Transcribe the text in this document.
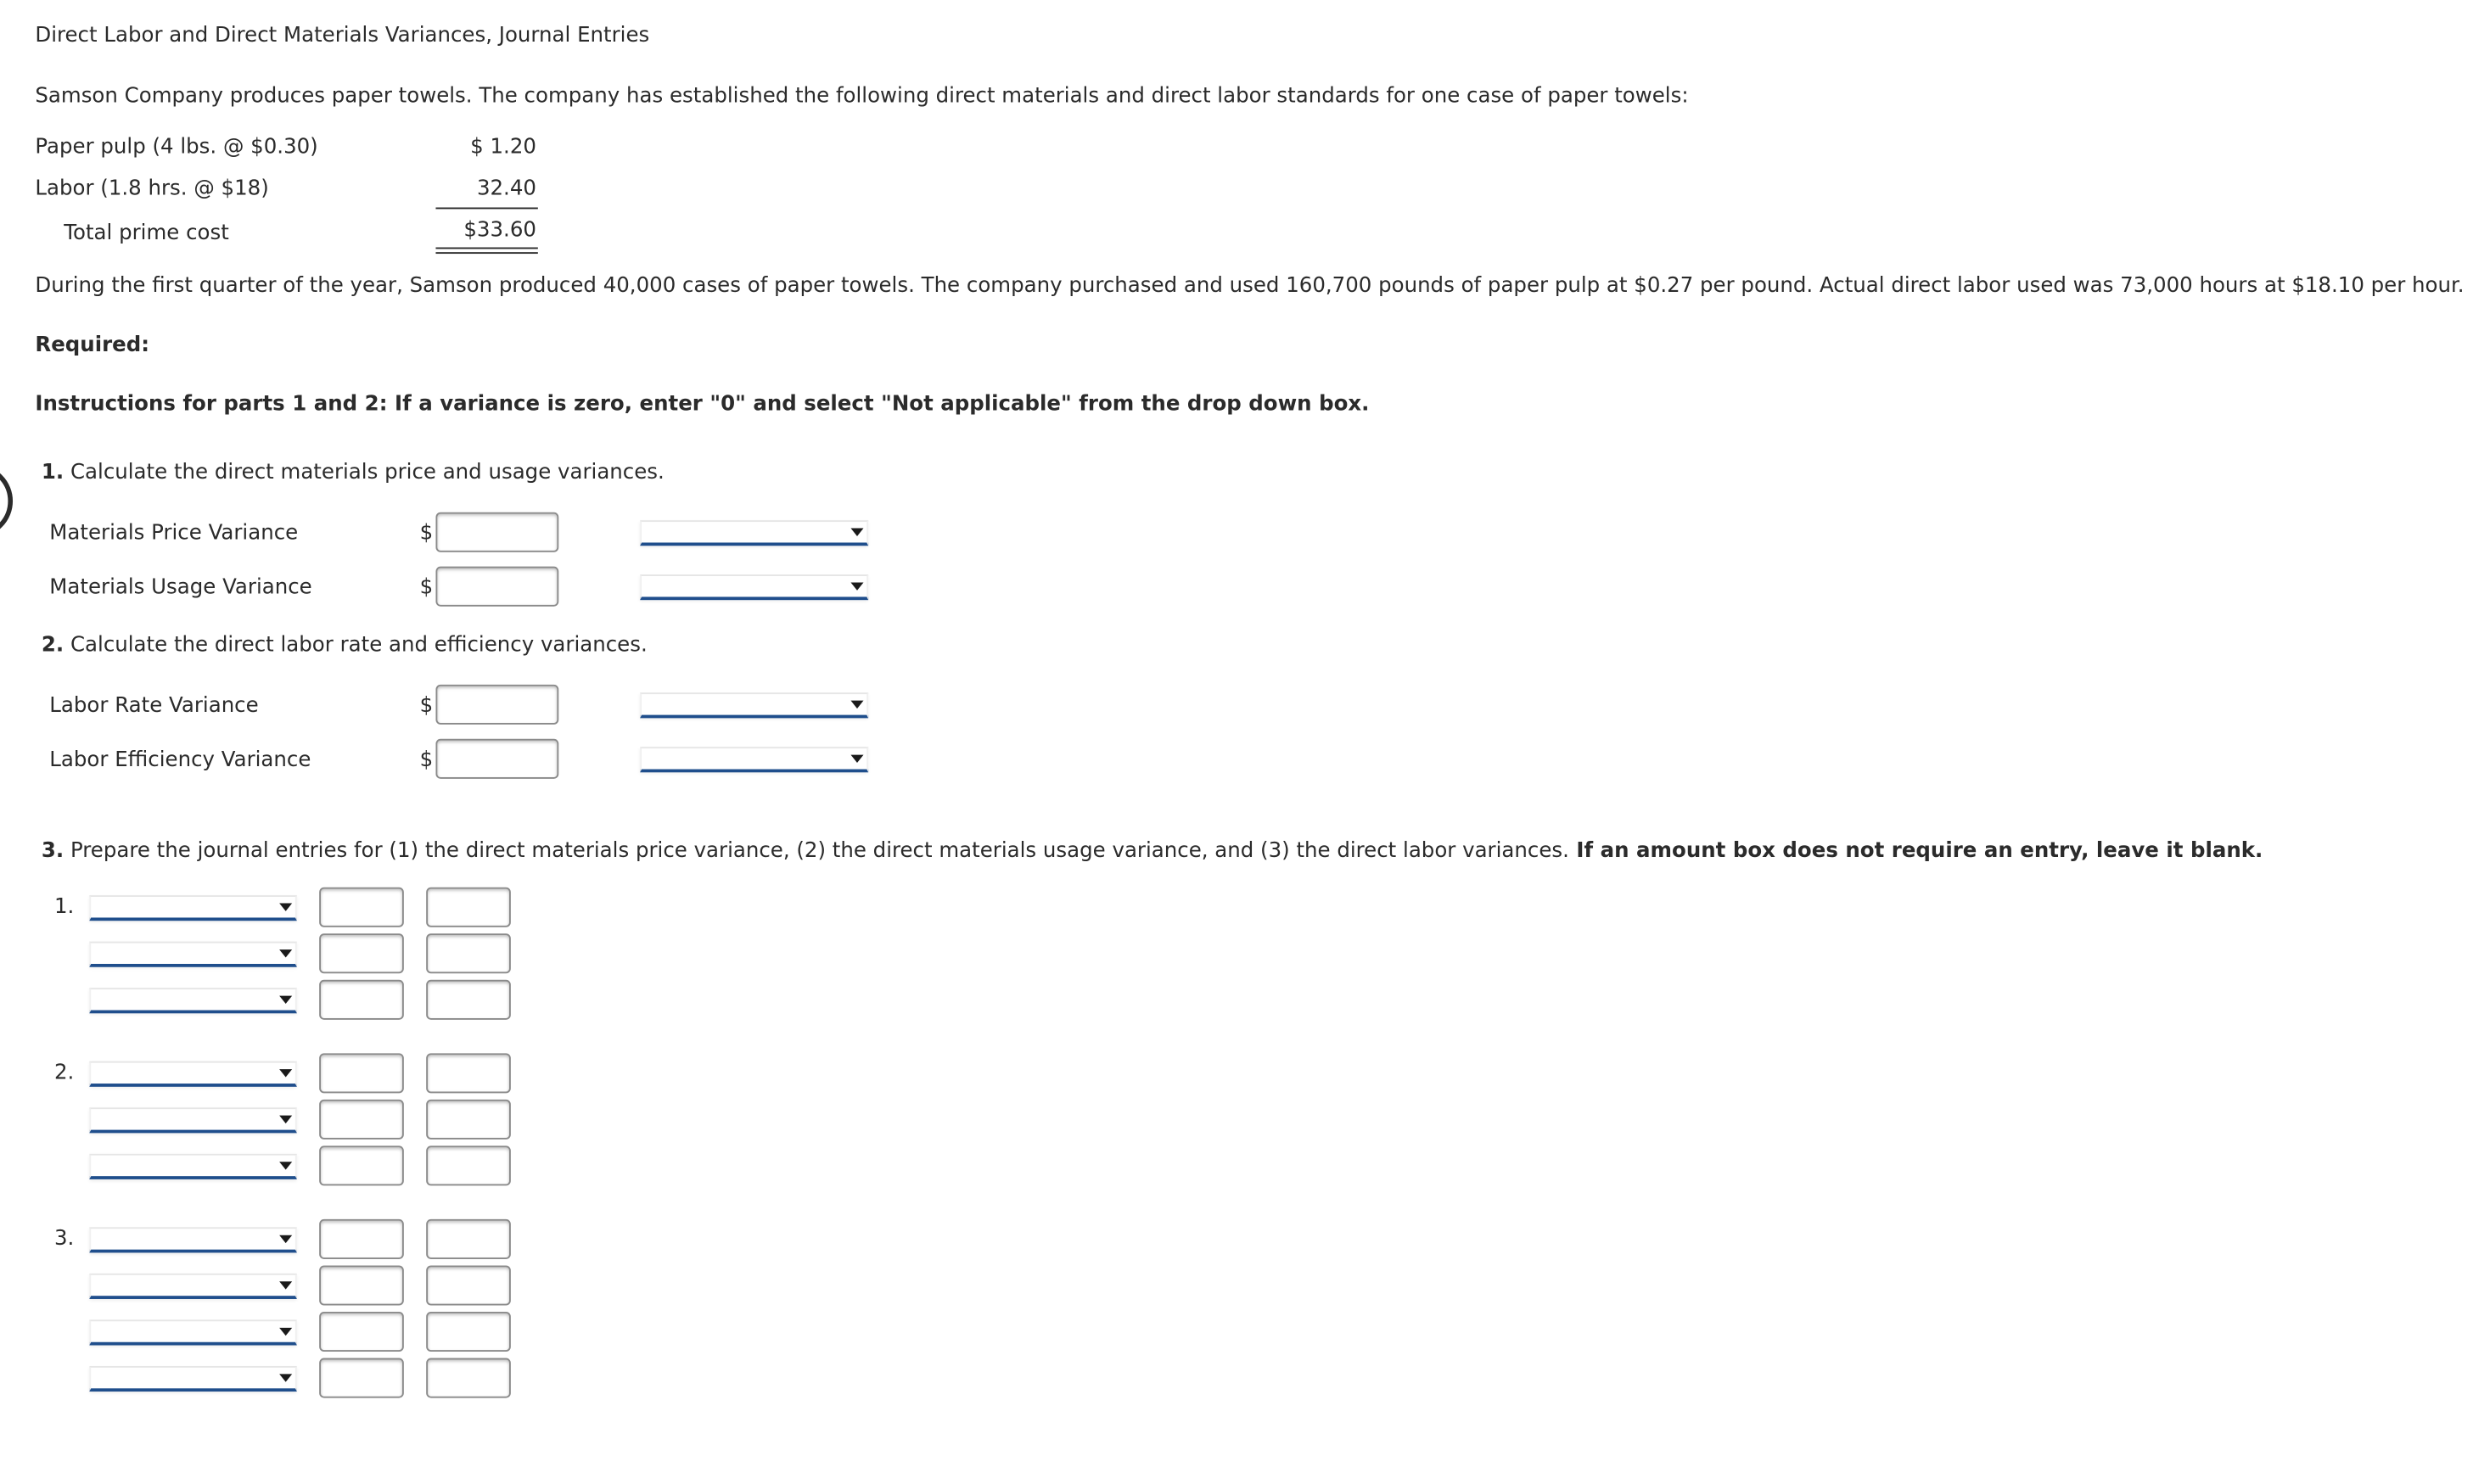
Direct Labor and Direct Materials Variances, Journal Entries
Samson Company produces paper towels. The company has established the following direct materials and direct labor standards for one case of paper towels:
Paper pulp (4 lbs. @ $0.30)	$ 1.20
Labor (1.8 hrs. @ $18)	32.40
Total prime cost	$33.60
During the first quarter of the year, Samson produced 40,000 cases of paper towels. The company purchased and used 160,700 pounds of paper pulp at $0.27 per pound. Actual direct labor used was 73,000 hours at $18.10 per hour.
Required:
Instructions for parts 1 and 2: If a variance is zero, enter "0" and select "Not applicable" from the drop down box.
1. Calculate the direct materials price and usage variances.
Materials Price Variance	$
Materials Usage Variance	$
2. Calculate the direct labor rate and efficiency variances.
Labor Rate Variance	$
Labor Efficiency Variance	$
3. Prepare the journal entries for (1) the direct materials price variance, (2) the direct materials usage variance, and (3) the direct labor variances. If an amount box does not require an entry, leave it blank.
1.
2.
3.
